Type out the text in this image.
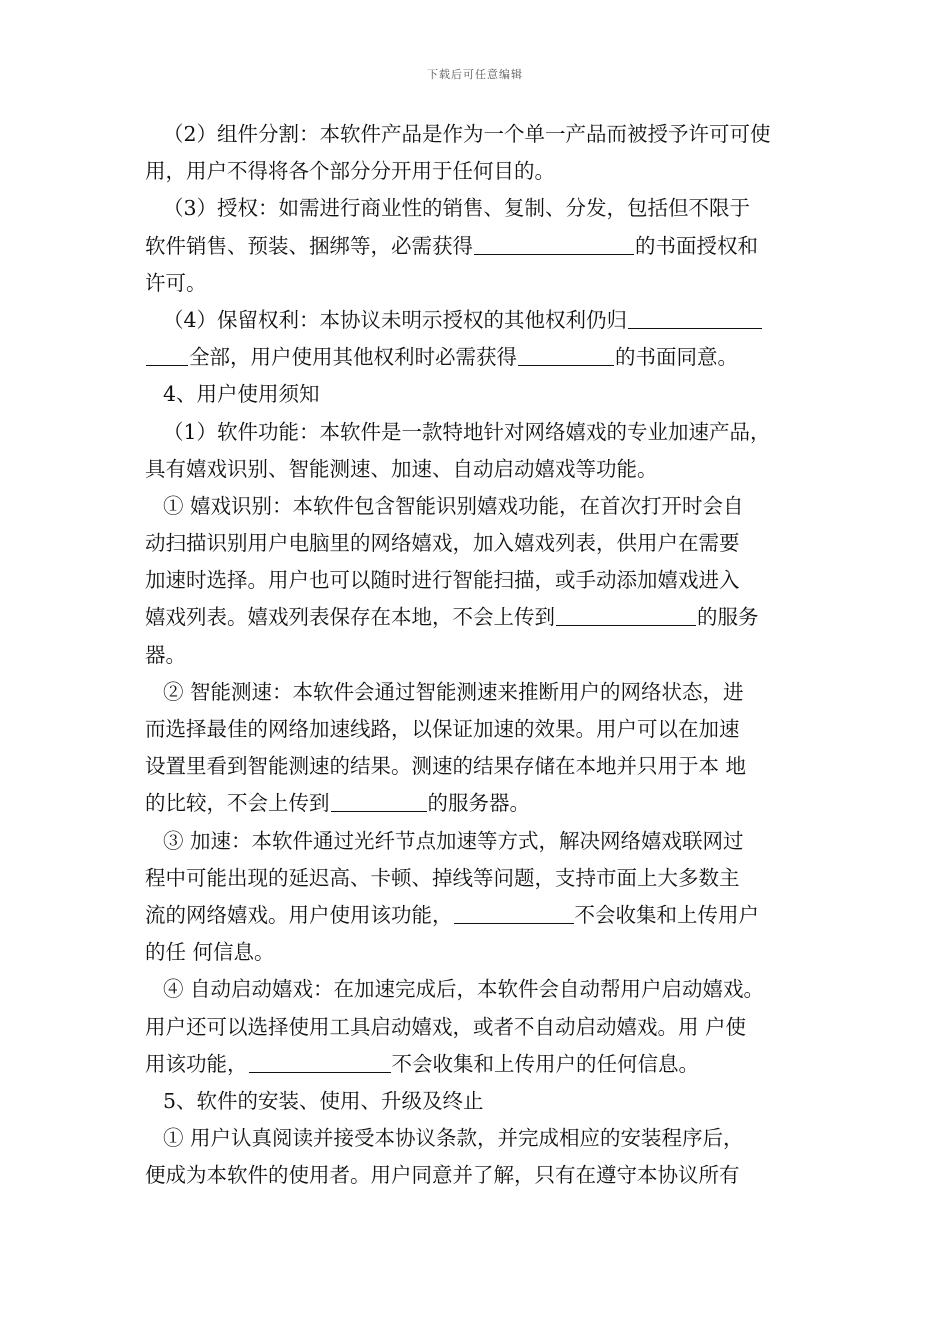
下载后可任意编辑
（2）组件分割：本软件产品是作为一个单一产品而被授予许可可使
用，用户不得将各个部分分开用于任何目的。
（3）授权：如需进行商业性的销售、复制、分发，包括但不限于
软件销售、预装、捆绑等，必需获得	的书面授权和
许可。
（4）保留权利：本协议未明示授权的其他权利仍归
全部，用户使用其他权利时必需获得	的书面同意。
4、用户使用须知
（1）软件功能：本软件是一款特地针对网络嬉戏的专业加速产品，
具有嬉戏识别、智能测速、加速、自动启动嬉戏等功能。
① 嬉戏识别：本软件包含智能识别嬉戏功能，在首次打开时会自
动扫描识别用户电脑里的网络嬉戏，加入嬉戏列表，供用户在需要
加速时选择。用户也可以随时进行智能扫描，或手动添加嬉戏进入
嬉戏列表。嬉戏列表保存在本地，不会上传到	的服务
器。
② 智能测速：本软件会通过智能测速来推断用户的网络状态，进
而选择最佳的网络加速线路，以保证加速的效果。用户可以在加速
设置里看到智能测速的结果。测速的结果存储在本地并只用于本 地
的比较，不会上传到	的服务器。
③ 加速：本软件通过光纤节点加速等方式，解决网络嬉戏联网过
程中可能出现的延迟高、卡顿、掉线等问题，支持市面上大多数主
流的网络嬉戏。用户使用该功能，	不会收集和上传用户
的任 何信息。
④ 自动启动嬉戏：在加速完成后，本软件会自动帮用户启动嬉戏。
用户还可以选择使用工具启动嬉戏，或者不自动启动嬉戏。用 户使
用该功能，	不会收集和上传用户的任何信息。
5、软件的安装、使用、升级及终止
① 用户认真阅读并接受本协议条款，并完成相应的安装程序后，
便成为本软件的使用者。用户同意并了解，只有在遵守本协议所有
